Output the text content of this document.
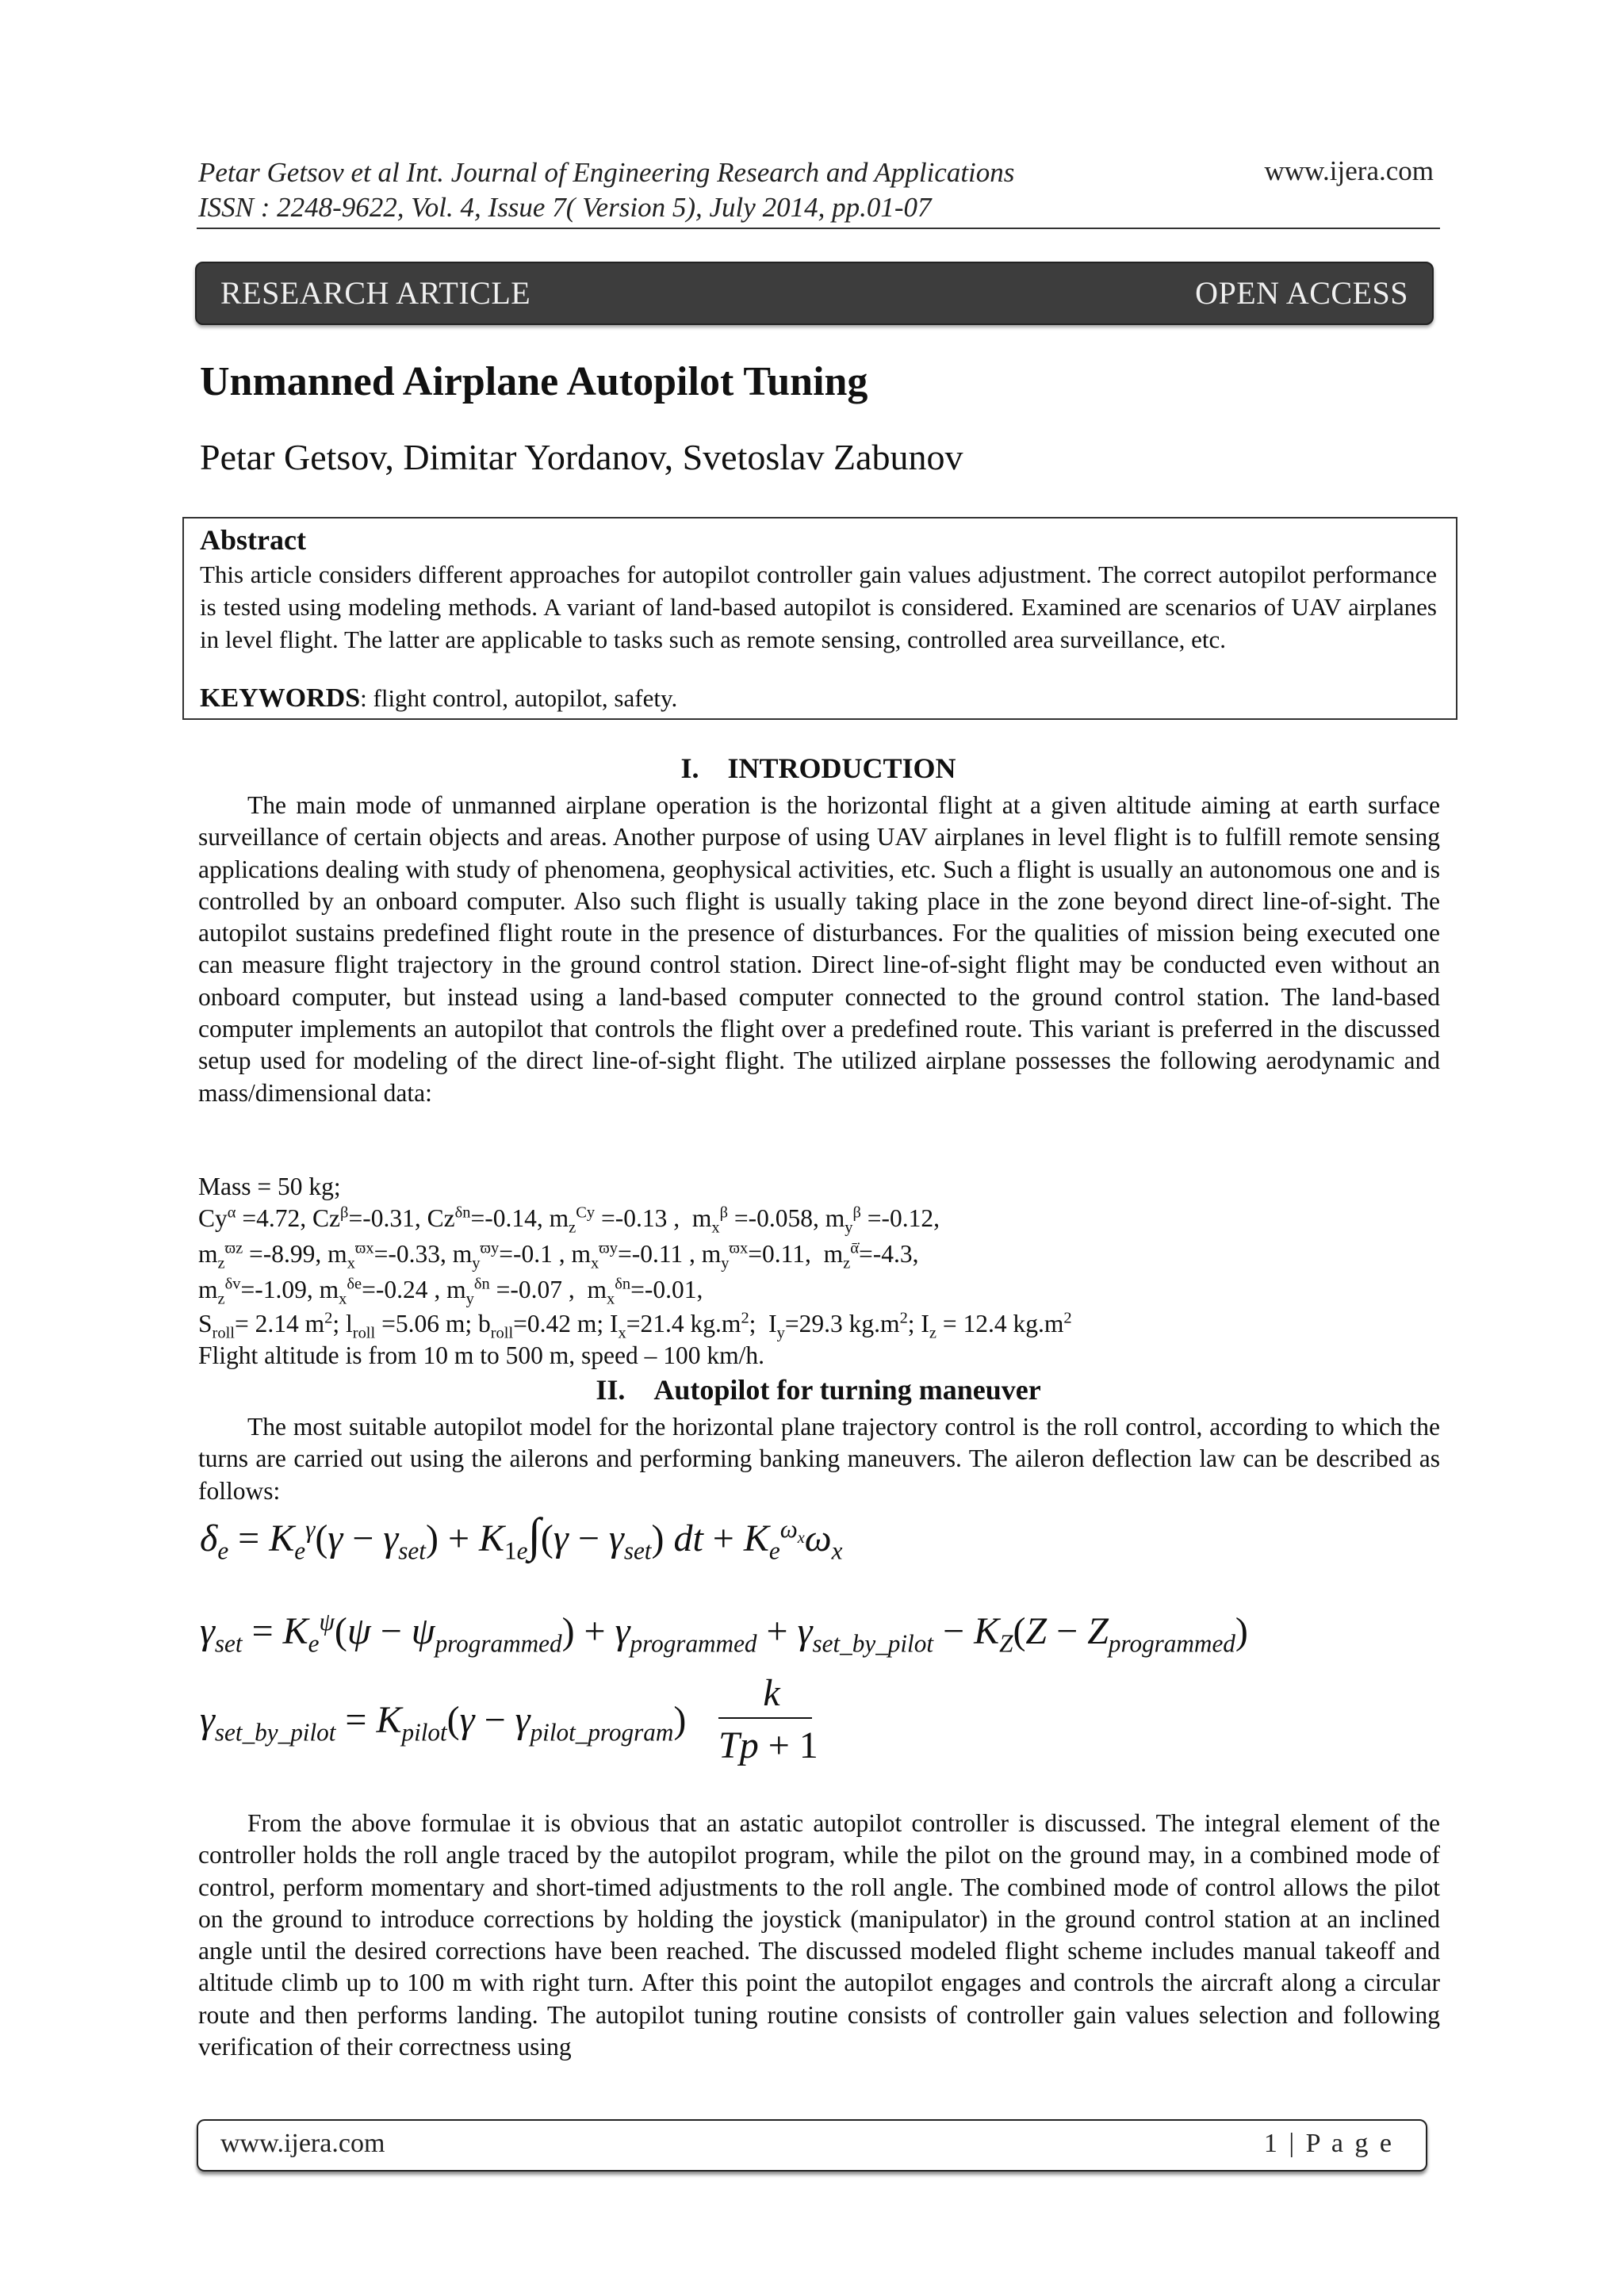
Petar Getsov et al Int. Journal of Engineering Research and Applications
ISSN : 2248-9622, Vol. 4, Issue 7( Version 5), July 2014, pp.01-07
www.ijera.com
RESEARCH ARTICLE	OPEN ACCESS
Unmanned Airplane Autopilot Tuning
Petar Getsov, Dimitar Yordanov, Svetoslav Zabunov
Abstract
This article considers different approaches for autopilot controller gain values adjustment. The correct autopilot performance is tested using modeling methods. A variant of land-based autopilot is considered. Examined are scenarios of UAV airplanes in level flight. The latter are applicable to tasks such as remote sensing, controlled area surveillance, etc.
KEYWORDS: flight control, autopilot, safety.
I. INTRODUCTION
The main mode of unmanned airplane operation is the horizontal flight at a given altitude aiming at earth surface surveillance of certain objects and areas. Another purpose of using UAV airplanes in level flight is to fulfill remote sensing applications dealing with study of phenomena, geophysical activities, etc. Such a flight is usually an autonomous one and is controlled by an onboard computer. Also such flight is usually taking place in the zone beyond direct line-of-sight. The autopilot sustains predefined flight route in the presence of disturbances. For the qualities of mission being executed one can measure flight trajectory in the ground control station. Direct line-of-sight flight may be conducted even without an onboard computer, but instead using a land-based computer connected to the ground control station. The land-based computer implements an autopilot that controls the flight over a predefined route. This variant is preferred in the discussed setup used for modeling of the direct line-of-sight flight. The utilized airplane possesses the following aerodynamic and mass/dimensional data:
Mass = 50 kg;
$Cy^\alpha =4.72$, $Cz^\beta=-0.31$, $Cz^{\delta n}=-0.14$, $m_z^{Cy} =-0.13$ ,  $m_x^\beta =-0.058$, $m_y^\beta =-0.12$,
$m_z^{ϖz} =-8.99$, $m_x^{ϖx}=-0.33$, $m_y^{ϖy}=-0.1$ , $m_x^{ϖy}=-0.11$ , $m_y^{ϖx}=0.11$,  $m_z^{ᾱ̇}=-4.3$,
$m_z^{\delta v}=-1.09$, $m_x^{\delta e}=-0.24$ , $m_y^{\delta n} =-0.07$ ,  $m_x^{\delta n}=-0.01$,
$S_{roll}= 2.14$ $m^2$; $l_{roll} =5.06$ m; $b_{roll}=0.42$ m; $I_x=21.4$ $kg.m^2$;  $I_y=29.3$ $kg.m^2$; $I_z = 12.4$ $kg.m^2$
Flight altitude is from 10 m to 500 m, speed – 100 km/h.
II. Autopilot for turning maneuver
The most suitable autopilot model for the horizontal plane trajectory control is the roll control, according to which the turns are carried out using the ailerons and performing banking maneuvers. The aileron deflection law can be described as follows:
$\delta_e = K_e^\gamma(\gamma - \gamma_{set}) + K_{1e}\int(\gamma - \gamma_{set})$ dt + $K_e^{\omega_x}\omega_x$
$\gamma_{set} = K_e^\psi(\psi - \psi_{programmed}) + \gamma_{programmed} + \gamma_{set\_by\_pilot} - K_Z(Z - Z_{programmed})$
$\gamma_{set\_by\_pilot} = K_{pilot}(\gamma - \gamma_{pilot\_program})$
k
Tp + 1
From the above formulae it is obvious that an astatic autopilot controller is discussed. The integral element of the controller holds the roll angle traced by the autopilot program, while the pilot on the ground may, in a combined mode of control, perform momentary and short-timed adjustments to the roll angle. The combined mode of control allows the pilot on the ground to introduce corrections by holding the joystick (manipulator) in the ground control station at an inclined angle until the desired corrections have been reached. The discussed modeled flight scheme includes manual takeoff and altitude climb up to 100 m with right turn. After this point the autopilot engages and controls the aircraft along a circular route and then performs landing. The autopilot tuning routine consists of controller gain values selection and following verification of their correctness using
www.ijera.com	1 | P a g e
